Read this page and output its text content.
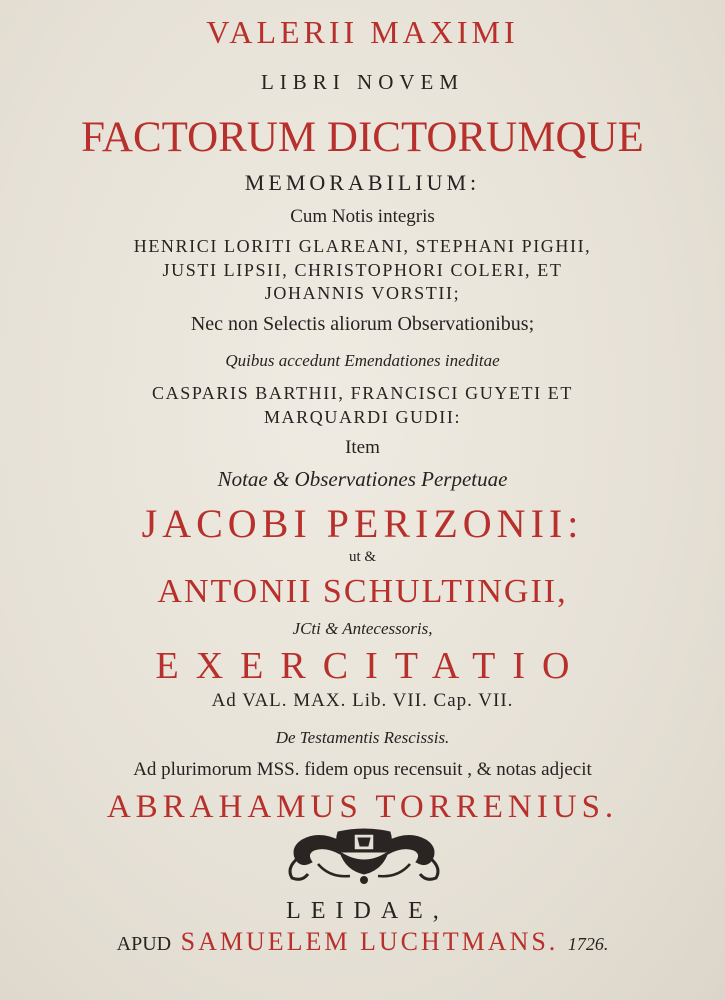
VALERII MAXIMI
LIBRI NOVEM
FACTORUM DICTORUMQUE
MEMORABILIUM:
Cum Notis integris
HENRICI LORITI GLAREANI, STEPHANI PIGHII,
JUSTI LIPSII, CHRISTOPHORI COLERI, ET
JOHANNIS VORSTII;
Nec non Selectis aliorum Observationibus;
Quibus accedunt Emendationes ineditae
CASPARIS BARTHII, FRANCISCI GUYETI ET
MARQUARDI GUDII:
Item
Notae & Observationes Perpetuae
JACOBI PERIZONII:
ut &
ANTONII SCHULTINGII,
JCti & Antecessoris,
EXERCITATIO
Ad VAL. MAX. Lib. VII. Cap. VII.
De Testamentis Rescissis.
Ad plurimorum MSS. fidem opus recensuit , & notas adjecit
ABRAHAMUS TORRENIUS.
LEIDAE,
APUD SAMUELEM LUCHTMANS. 1726.
